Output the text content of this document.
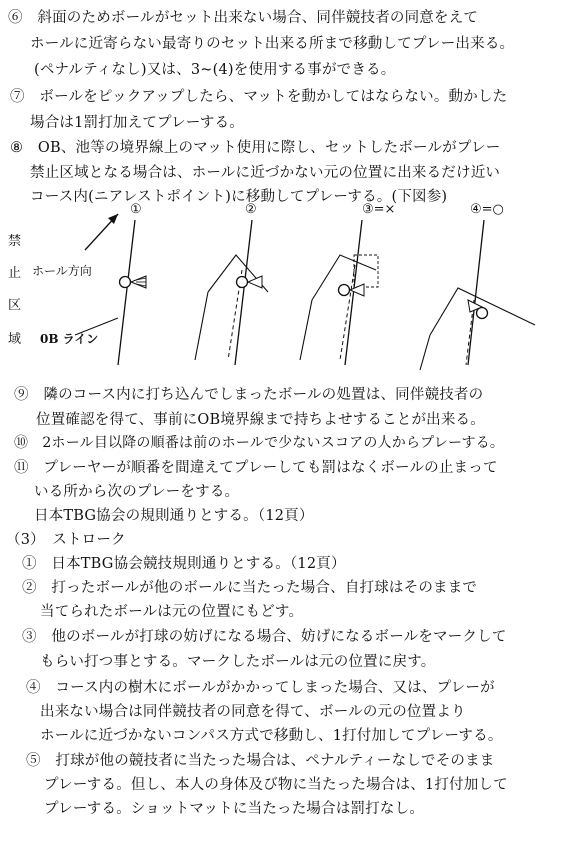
⑥　斜面のためボールがセット出来ない場合、同伴競技者の同意をえて
ホールに近寄らない最寄りのセット出来る所まで移動してプレー出来る。
(ペナルティなし)又は、3~(4)を使用する事ができる。
⑦　ボールをピックアップしたら、マットを動かしてはならない。動かした
場合は1罰打加えてプレーする。
⑧　OB、池等の境界線上のマット使用に際し、セットしたボールがプレー
禁止区域となる場合は、ホールに近づかない元の位置に出来るだけ近い
コース内(ニアレストポイント)に移動してプレーする。(下図参)
禁
止
区
域
ホール方向
0B ライン
①	②	③=×	④=○
⑨　隣のコース内に打ち込んでしまったボールの処置は、同伴競技者の
位置確認を得て、事前にOB境界線まで持ちよせすることが出来る。
⑩　2ホール目以降の順番は前のホールで少ないスコアの人からプレーする。
⑪　プレーヤーが順番を間違えてプレーしても罰はなくボールの止まって
いる所から次のプレーをする。
日本TBG協会の規則通りとする。（12頁）
（3）　ストローク
①　日本TBG協会競技規則通りとする。（12頁）
②　打ったボールが他のボールに当たった場合、自打球はそのままで
当てられたボールは元の位置にもどす。
③　他のボールが打球の妨げになる場合、妨げになるボールをマークして
もらい打つ事とする。マークしたボールは元の位置に戻す。
④　コース内の樹木にボールがかかってしまった場合、又は、プレーが
出来ない場合は同伴競技者の同意を得て、ボールの元の位置より
ホールに近づかないコンパス方式で移動し、1打付加してプレーする。
⑤　打球が他の競技者に当たった場合は、ペナルティーなしでそのまま
プレーする。但し、本人の身体及び物に当たった場合は、1打付加して
プレーする。ショットマットに当たった場合は罰打なし。
